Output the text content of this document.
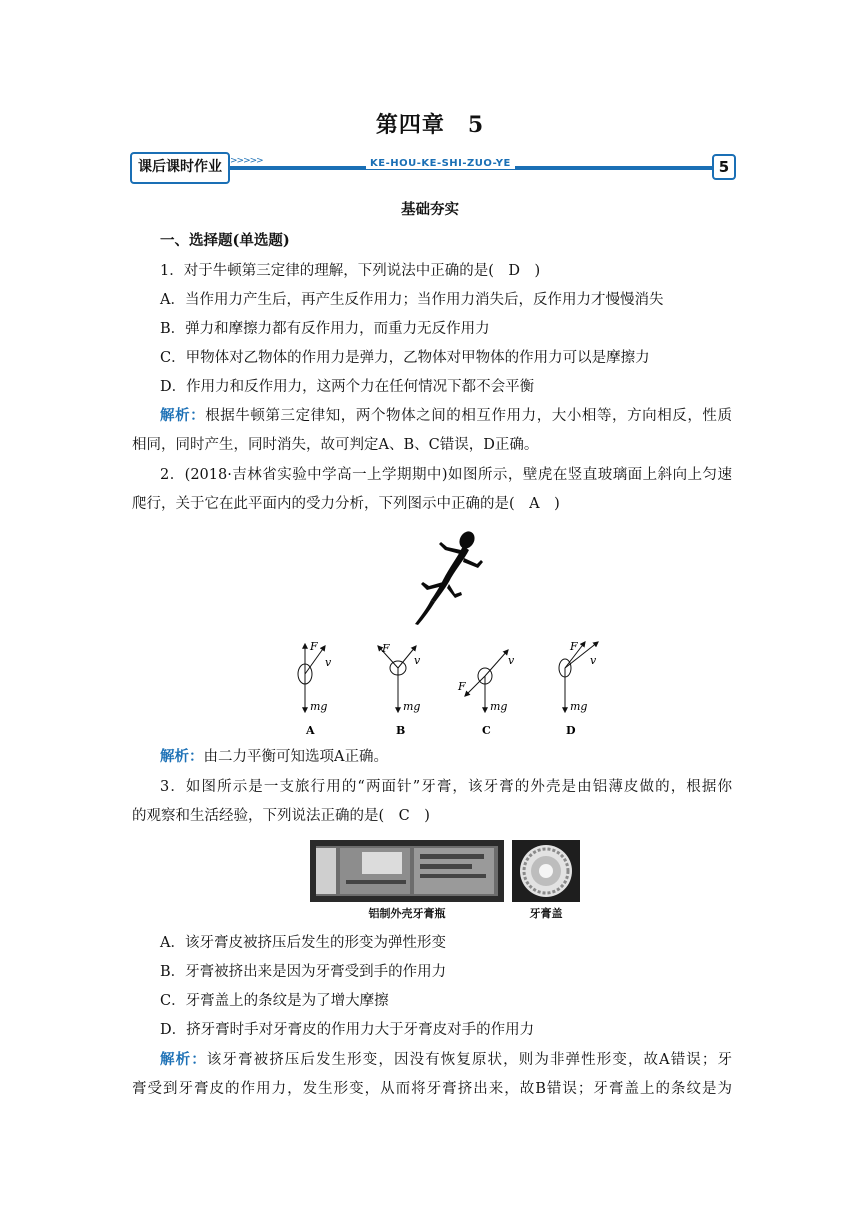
第四章　5
课后课时作业 >>>>>	KE-HOU-KE-SHI-ZUO-YE	5
基础夯实
一、选择题(单选题)
1．对于牛顿第三定律的理解，下列说法中正确的是(　D　)
A．当作用力产生后，再产生反作用力；当作用力消失后，反作用力才慢慢消失
B．弹力和摩擦力都有反作用力，而重力无反作用力
C．甲物体对乙物体的作用力是弹力，乙物体对甲物体的作用力可以是摩擦力
D．作用力和反作用力，这两个力在任何情况下都不会平衡
解析：根据牛顿第三定律知，两个物体之间的相互作用力，大小相等，方向相反，性质
相同，同时产生，同时消失，故可判定A、B、C错误，D正确。
2．(2018·吉林省实验中学高一上学期期中)如图所示，壁虎在竖直玻璃面上斜向上匀速
爬行，关于它在此平面内的受力分析，下列图示中正确的是(　A　)
F
v
mg
A
F
v
mg
B
F
v
mg
C
F
v
mg
D
解析：由二力平衡可知选项A正确。
3．如图所示是一支旅行用的“两面针”牙膏，该牙膏的外壳是由铝薄皮做的，根据你
的观察和生活经验，下列说法正确的是(　C　)
铝制外壳牙膏瓶	牙膏盖
A．该牙膏皮被挤压后发生的形变为弹性形变
B．牙膏被挤出来是因为牙膏受到手的作用力
C．牙膏盖上的条纹是为了增大摩擦
D．挤牙膏时手对牙膏皮的作用力大于牙膏皮对手的作用力
解析：该牙膏被挤压后发生形变，因没有恢复原状，则为非弹性形变，故A错误；牙
膏受到牙膏皮的作用力，发生形变，从而将牙膏挤出来，故B错误；牙膏盖上的条纹是为
